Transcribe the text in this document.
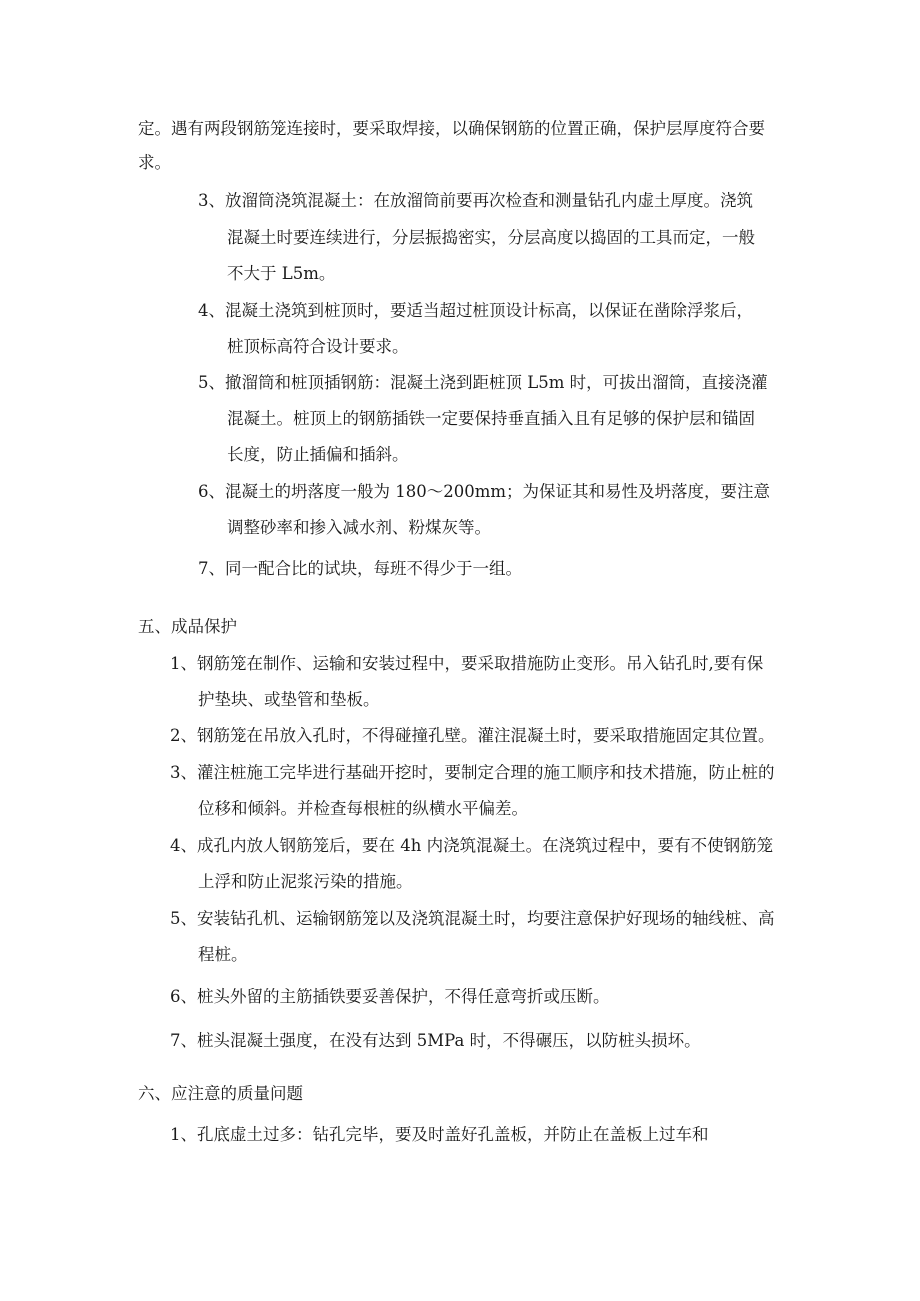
定。遇有两段钢筋笼连接时，要采取焊接，以确保钢筋的位置正确，保护层厚度符合要
求。
3、放溜筒浇筑混凝土：在放溜筒前要再次检查和测量钻孔内虚土厚度。浇筑
混凝土时要连续进行，分层振捣密实，分层高度以捣固的工具而定，一般
不大于 L5m。
4、混凝土浇筑到桩顶时，要适当超过桩顶设计标高，以保证在凿除浮浆后，
桩顶标高符合设计要求。
5、撤溜筒和桩顶插钢筋：混凝土浇到距桩顶 L5m 时，可拔出溜筒，直接浇灌
混凝土。桩顶上的钢筋插铁一定要保持垂直插入且有足够的保护层和锚固
长度，防止插偏和插斜。
6、混凝土的坍落度一般为 180～200mm；为保证其和易性及坍落度，要注意
调整砂率和掺入减水剂、粉煤灰等。
7、同一配合比的试块，每班不得少于一组。
五、成品保护
1、钢筋笼在制作、运输和安装过程中，要采取措施防止变形。吊入钻孔时,要有保
护垫块、或垫管和垫板。
2、钢筋笼在吊放入孔时，不得碰撞孔壁。灌注混凝土时，要采取措施固定其位置。
3、灌注桩施工完毕进行基础开挖时，要制定合理的施工顺序和技术措施，防止桩的
位移和倾斜。并检查每根桩的纵横水平偏差。
4、成孔内放人钢筋笼后，要在 4h 内浇筑混凝土。在浇筑过程中，要有不使钢筋笼
上浮和防止泥浆污染的措施。
5、安装钻孔机、运输钢筋笼以及浇筑混凝土时，均要注意保护好现场的轴线桩、高
程桩。
6、桩头外留的主筋插铁要妥善保护，不得任意弯折或压断。
7、桩头混凝土强度，在没有达到 5MPa 时，不得碾压，以防桩头损坏。
六、应注意的质量问题
1、孔底虚土过多：钻孔完毕，要及时盖好孔盖板，并防止在盖板上过车和
